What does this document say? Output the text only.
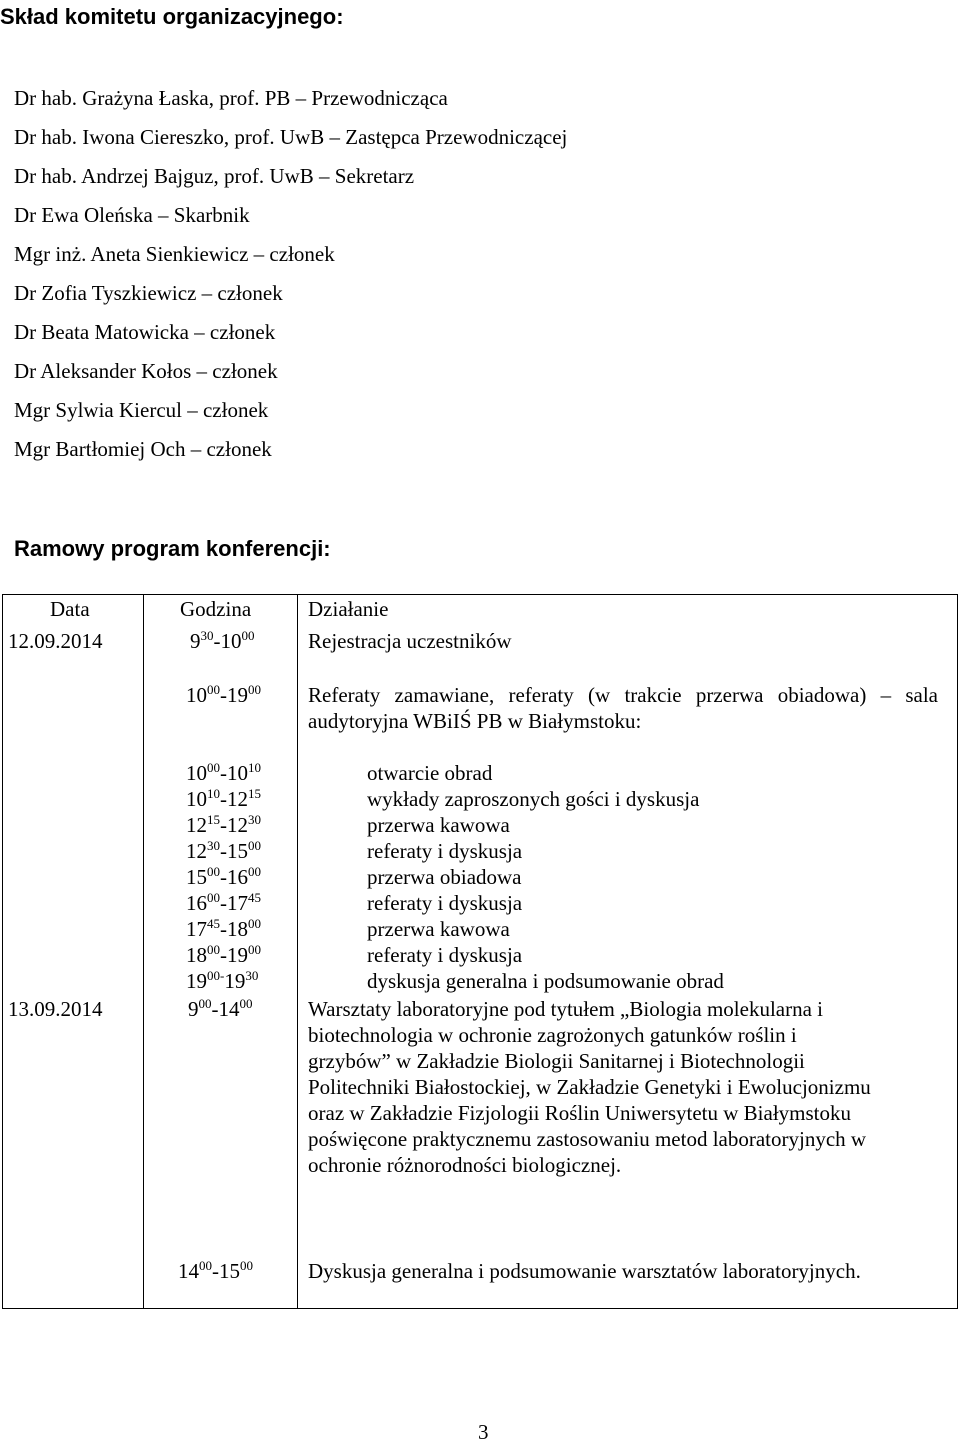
Skład komitetu organizacyjnego:
Dr hab. Grażyna Łaska, prof. PB – Przewodnicząca
Dr hab. Iwona Ciereszko, prof. UwB – Zastępca Przewodniczącej
Dr hab. Andrzej Bajguz, prof. UwB – Sekretarz
Dr Ewa Oleńska – Skarbnik
Mgr inż. Aneta Sienkiewicz – członek
Dr Zofia Tyszkiewicz – członek
Dr Beata Matowicka – członek
Dr Aleksander Kołos – członek
Mgr Sylwia Kiercul – członek
Mgr Bartłomiej Och – członek
Ramowy program konferencji:
Data	Godzina	Działanie
12.09.2014	$9^{30}-10^{00}$	Rejestracja uczestników
$10^{00}-19^{00}$ Referaty zamawiane, referaty (w trakcie przerwa obiadowa) – sala audytoryjna WBiIŚ PB w Białymstoku:
$10^{00}-10^{10}$	otwarcie obrad
$10^{10}-12^{15}$	wykłady zaproszonych gości i dyskusja
$12^{15}-12^{30}$	przerwa kawowa
$12^{30}-15^{00}$	referaty i dyskusja
$15^{00}-16^{00}$	przerwa obiadowa
$16^{00}-17^{45}$	referaty i dyskusja
$17^{45}-18^{00}$	przerwa kawowa
$18^{00}-19^{00}$	referaty i dyskusja
$19^{00-}19^{30}$	dyskusja generalna i podsumowanie obrad
13.09.2014	$9^{00}-14^{00}$	Warsztaty laboratoryjne pod tytułem „Biologia molekularna i
biotechnologia w ochronie zagrożonych gatunków roślin i
grzybów” w Zakładzie Biologii Sanitarnej i Biotechnologii
Politechniki Białostockiej, w Zakładzie Genetyki i Ewolucjonizmu
oraz w Zakładzie Fizjologii Roślin Uniwersytetu w Białymstoku
poświęcone praktycznemu zastosowaniu metod laboratoryjnych w
ochronie różnorodności biologicznej.
$14^{00}-15^{00}$	Dyskusja generalna i podsumowanie warsztatów laboratoryjnych.
3
